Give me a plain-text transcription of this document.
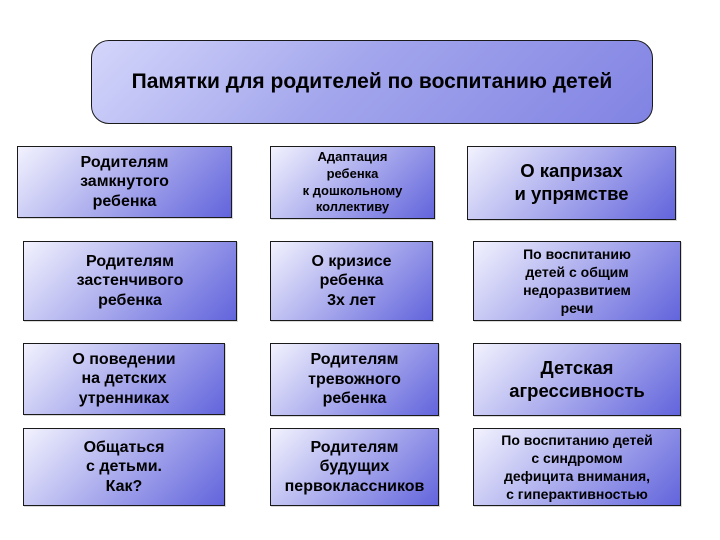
Памятки для родителей по воспитанию детей
Родителям
замкнутого
ребенка
Адаптация
ребенка
к дошкольному
коллективу
О капризах
и упрямстве
Родителям
застенчивого
ребенка
О кризисе
ребенка
3х лет
По воспитанию
детей с общим
недоразвитием
речи
О поведении
на детских
утренниках
Родителям
тревожного
ребенка
Детская
агрессивность
Общаться
с детьми.
Как?
Родителям
будущих
первоклассников
По воспитанию детей
с синдромом
дефицита внимания,
с гиперактивностью
